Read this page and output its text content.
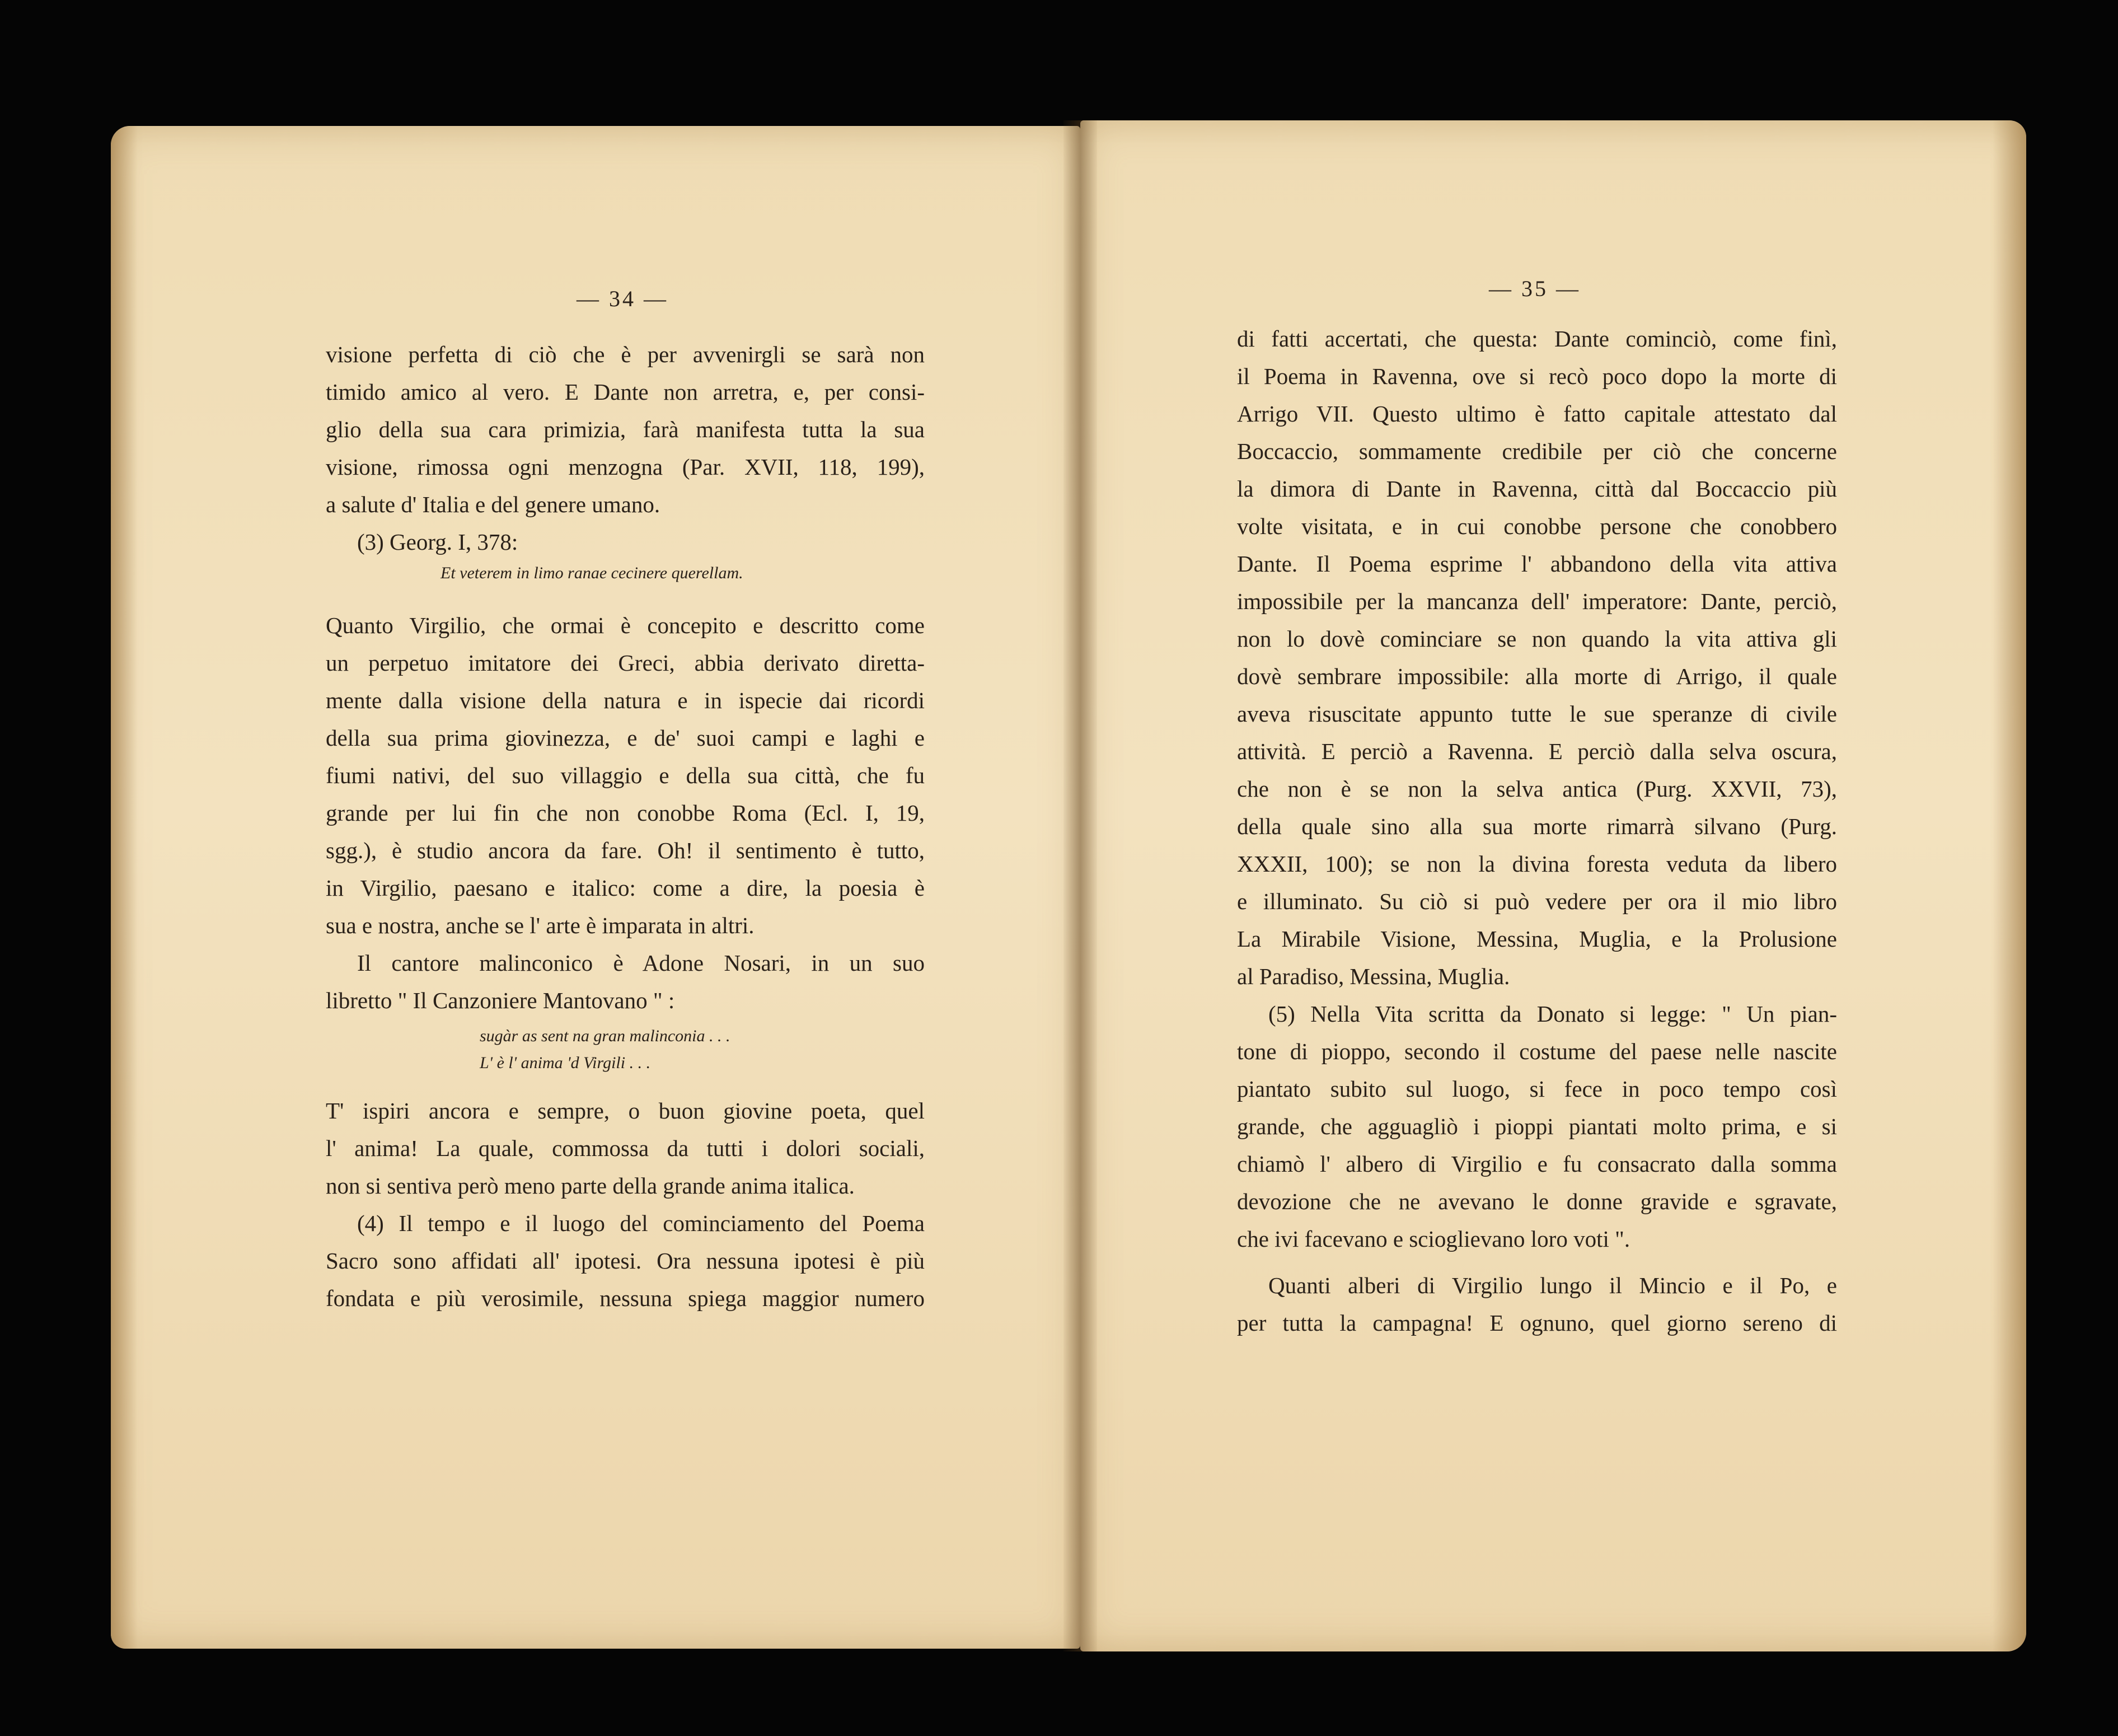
— 34 —
visione perfetta di ciò che è per avvenirgli se sarà non
timido amico al vero. E Dante non arretra, e, per consi-
glio della sua cara primizia, farà manifesta tutta la sua
visione, rimossa ogni menzogna (Par. XVII, 118, 199),
a salute d' Italia e del genere umano.
(3) Georg. I, 378:
Et veterem in limo ranae cecinere querellam.
Quanto Virgilio, che ormai è concepito e descritto come
un perpetuo imitatore dei Greci, abbia derivato diretta-
mente dalla visione della natura e in ispecie dai ricordi
della sua prima giovinezza, e de' suoi campi e laghi e
fiumi nativi, del suo villaggio e della sua città, che fu
grande per lui fin che non conobbe Roma (Ecl. I, 19,
sgg.), è studio ancora da fare. Oh! il sentimento è tutto,
in Virgilio, paesano e italico: come a dire, la poesia è
sua e nostra, anche se l' arte è imparata in altri.
Il cantore malinconico è Adone Nosari, in un suo
libretto " Il Canzoniere Mantovano " :
sugàr as sent na gran malinconia . . .
L' è l' anima 'd Virgili . . .
T' ispiri ancora e sempre, o buon giovine poeta, quel
l' anima! La quale, commossa da tutti i dolori sociali,
non si sentiva però meno parte della grande anima italica.
(4) Il tempo e il luogo del cominciamento del Poema
Sacro sono affidati all' ipotesi. Ora nessuna ipotesi è più
fondata e più verosimile, nessuna spiega maggior numero
— 35 —
di fatti accertati, che questa: Dante cominciò, come finì,
il Poema in Ravenna, ove si recò poco dopo la morte di
Arrigo VII. Questo ultimo è fatto capitale attestato dal
Boccaccio, sommamente credibile per ciò che concerne
la dimora di Dante in Ravenna, città dal Boccaccio più
volte visitata, e in cui conobbe persone che conobbero
Dante. Il Poema esprime l' abbandono della vita attiva
impossibile per la mancanza dell' imperatore: Dante, perciò,
non lo dovè cominciare se non quando la vita attiva gli
dovè sembrare impossibile: alla morte di Arrigo, il quale
aveva risuscitate appunto tutte le sue speranze di civile
attività. E perciò a Ravenna. E perciò dalla selva oscura,
che non è se non la selva antica (Purg. XXVII, 73),
della quale sino alla sua morte rimarrà silvano (Purg.
XXXII, 100); se non la divina foresta veduta da libero
e illuminato. Su ciò si può vedere per ora il mio libro
La Mirabile Visione, Messina, Muglia, e la Prolusione
al Paradiso, Messina, Muglia.
(5) Nella Vita scritta da Donato si legge: " Un pian-
tone di pioppo, secondo il costume del paese nelle nascite
piantato subito sul luogo, si fece in poco tempo così
grande, che agguagliò i pioppi piantati molto prima, e si
chiamò l' albero di Virgilio e fu consacrato dalla somma
devozione che ne avevano le donne gravide e sgravate,
che ivi facevano e scioglievano loro voti ".
Quanti alberi di Virgilio lungo il Mincio e il Po, e
per tutta la campagna! E ognuno, quel giorno sereno di
